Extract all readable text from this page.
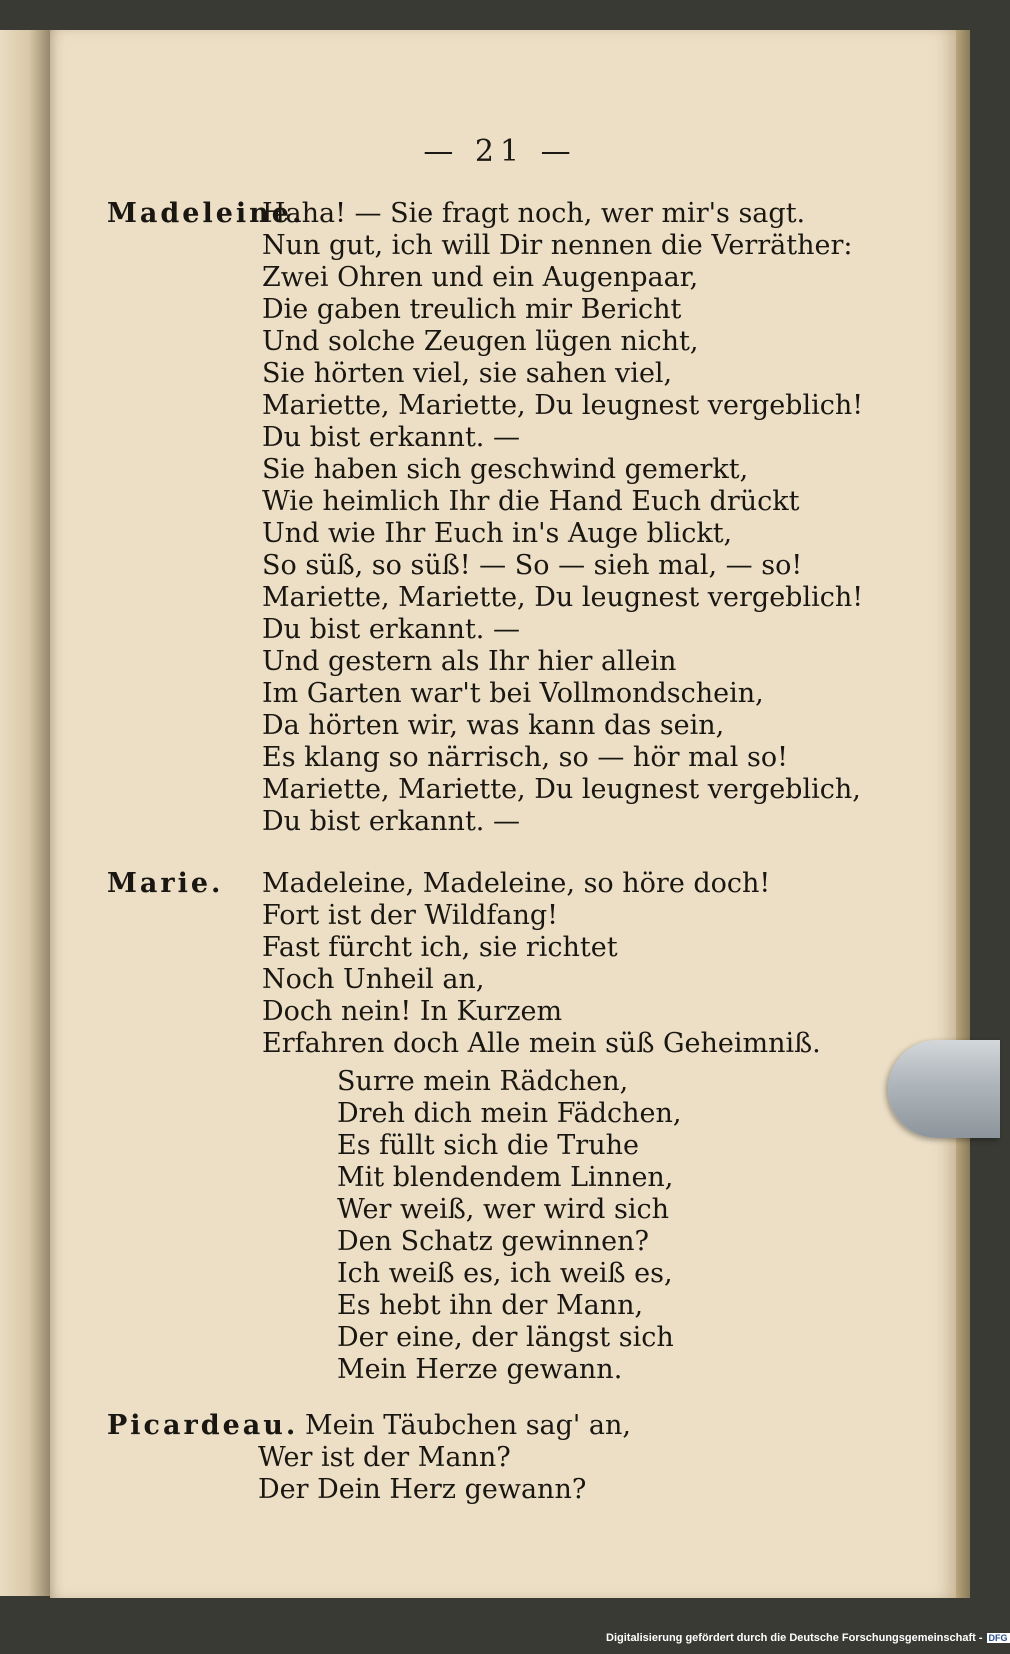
— 21 —
Madeleine.
Haha! — Sie fragt noch, wer mir's sagt.
Nun gut, ich will Dir nennen die Verräther:
Zwei Ohren und ein Augenpaar,
Die gaben treulich mir Bericht
Und solche Zeugen lügen nicht,
Sie hörten viel, sie sahen viel,
Mariette, Mariette, Du leugnest vergeblich!
Du bist erkannt. —
Sie haben sich geschwind gemerkt,
Wie heimlich Ihr die Hand Euch drückt
Und wie Ihr Euch in's Auge blickt,
So süß, so süß! — So — sieh mal, — so!
Mariette, Mariette, Du leugnest vergeblich!
Du bist erkannt. —
Und gestern als Ihr hier allein
Im Garten war't bei Vollmondschein,
Da hörten wir, was kann das sein,
Es klang so närrisch, so — hör mal so!
Mariette, Mariette, Du leugnest vergeblich,
Du bist erkannt. —
Marie. Madeleine, Madeleine, so höre doch!
Fort ist der Wildfang!
Fast fürcht ich, sie richtet
Noch Unheil an,
Doch nein! In Kurzem
Erfahren doch Alle mein süß Geheimniß.
Surre mein Rädchen,
Dreh dich mein Fädchen,
Es füllt sich die Truhe
Mit blendendem Linnen,
Wer weiß, wer wird sich
Den Schatz gewinnen?
Ich weiß es, ich weiß es,
Es hebt ihn der Mann,
Der eine, der längst sich
Mein Herze gewann.
Picardeau. Mein Täubchen sag' an,
Wer ist der Mann?
Der Dein Herz gewann?
Digitalisierung gefördert durch die Deutsche Forschungsgemeinschaft - DFG
